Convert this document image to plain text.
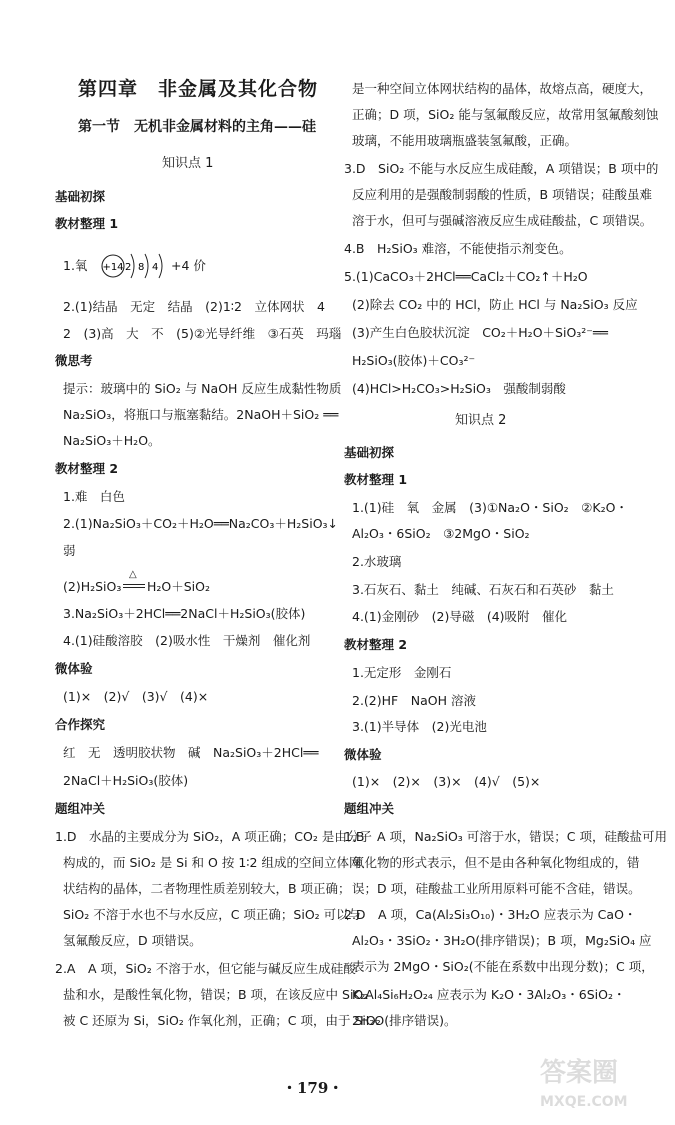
第四章　非金属及其化合物
第一节　无机非金属材料的主角——硅
知识点 1
基础初探
教材整理 1
1.氧 +14 2 8 4 +4 价
2.(1)结晶　无定　结晶　(2)1∶2　立体网状　4
2　(3)高　大　不　(5)②光导纤维　③石英　玛瑙
微思考
提示：玻璃中的 SiO₂ 与 NaOH 反应生成黏性物质
Na₂SiO₃，将瓶口与瓶塞黏结。2NaOH＋SiO₂ ══
Na₂SiO₃＋H₂O。
教材整理 2
1.难　白色
2.(1)Na₂SiO₃＋CO₂＋H₂O══Na₂CO₃＋H₂SiO₃↓
弱
(2)H₂SiO₃
△
H₂O＋SiO₂
3.Na₂SiO₃＋2HCl══2NaCl＋H₂SiO₃(胶体)
4.(1)硅酸溶胶　(2)吸水性　干燥剂　催化剂
微体验
(1)×　(2)√　(3)√　(4)×
合作探究
红　无　透明胶状物　碱　Na₂SiO₃＋2HCl══
2NaCl＋H₂SiO₃(胶体)
题组冲关
1.D　水晶的主要成分为 SiO₂，A 项正确；CO₂ 是由分子
构成的，而 SiO₂ 是 Si 和 O 按 1∶2 组成的空间立体网
状结构的晶体，二者物理性质差别较大，B 项正确；
SiO₂ 不溶于水也不与水反应，C 项正确；SiO₂ 可以与
氢氟酸反应，D 项错误。
2.A　A 项，SiO₂ 不溶于水，但它能与碱反应生成硅酸
盐和水，是酸性氧化物，错误；B 项，在该反应中 SiO₂
被 C 还原为 Si，SiO₂ 作氧化剂，正确；C 项，由于 SiO₂
是一种空间立体网状结构的晶体，故熔点高，硬度大，
正确；D 项，SiO₂ 能与氢氟酸反应，故常用氢氟酸刻蚀
玻璃，不能用玻璃瓶盛装氢氟酸，正确。
3.D　SiO₂ 不能与水反应生成硅酸，A 项错误；B 项中的
反应利用的是强酸制弱酸的性质，B 项错误；硅酸虽难
溶于水，但可与强碱溶液反应生成硅酸盐，C 项错误。
4.B　H₂SiO₃ 难溶，不能使指示剂变色。
5.(1)CaCO₃＋2HCl══CaCl₂＋CO₂↑＋H₂O
(2)除去 CO₂ 中的 HCl，防止 HCl 与 Na₂SiO₃ 反应
(3)产生白色胶状沉淀　CO₂＋H₂O＋SiO₃²⁻══
H₂SiO₃(胶体)＋CO₃²⁻
(4)HCl>H₂CO₃>H₂SiO₃　强酸制弱酸
知识点 2
基础初探
教材整理 1
1.(1)硅　氧　金属　(3)①Na₂O・SiO₂　②K₂O・
Al₂O₃・6SiO₂　③2MgO・SiO₂
2.水玻璃
3.石灰石、黏土　纯碱、石灰石和石英砂　黏土
4.(1)金刚砂　(2)导磁　(4)吸附　催化
教材整理 2
1.无定形　金刚石
2.(2)HF　NaOH 溶液
3.(1)半导体　(2)光电池
微体验
(1)×　(2)×　(3)×　(4)√　(5)×
题组冲关
1.B　A 项，Na₂SiO₃ 可溶于水，错误；C 项，硅酸盐可用
氧化物的形式表示，但不是由各种氧化物组成的，错
误；D 项，硅酸盐工业所用原料可能不含硅，错误。
2.D　A 项，Ca(Al₂Si₃O₁₀)・3H₂O 应表示为 CaO・
Al₂O₃・3SiO₂・3H₂O(排序错误)；B 项，Mg₂SiO₄ 应
表示为 2MgO・SiO₂(不能在系数中出现分数)；C 项，
K₂Al₄Si₆H₂O₂₄ 应表示为 K₂O・3Al₂O₃・6SiO₂・
2H₂O(排序错误)。
・179・	答案圈
MXQE.COM
